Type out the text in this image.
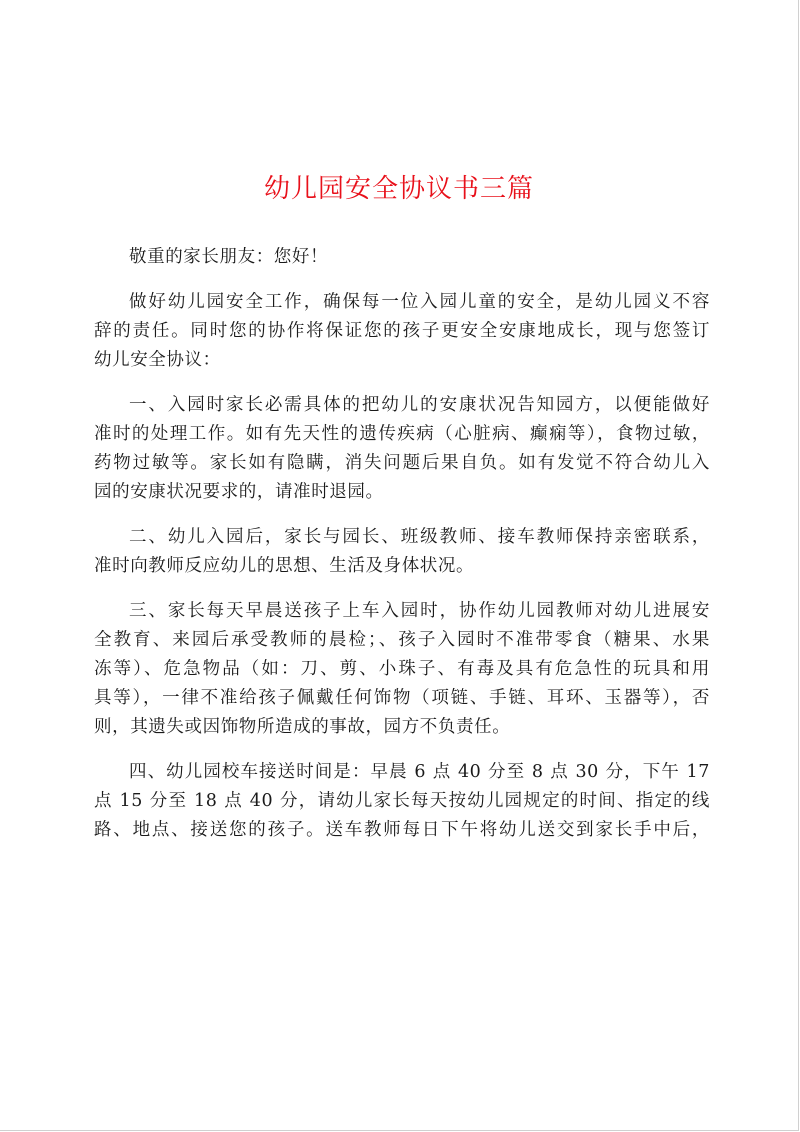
幼儿园安全协议书三篇

敬重的家长朋友：您好！

做好幼儿园安全工作，确保每一位入园儿童的安全，是幼儿园义不容
辞的责任。同时您的协作将保证您的孩子更安全安康地成长，现与您签订
幼儿安全协议：

一、入园时家长必需具体的把幼儿的安康状况告知园方，以便能做好
准时的处理工作。如有先天性的遗传疾病（心脏病、癫痫等），食物过敏，
药物过敏等。家长如有隐瞒，消失问题后果自负。如有发觉不符合幼儿入
园的安康状况要求的，请准时退园。

二、幼儿入园后，家长与园长、班级教师、接车教师保持亲密联系，
准时向教师反应幼儿的思想、生活及身体状况。

三、家长每天早晨送孩子上车入园时，协作幼儿园教师对幼儿进展安
全教育、来园后承受教师的晨检；、孩子入园时不准带零食（糖果、水果
冻等）、危急物品（如：刀、剪、小珠子、有毒及具有危急性的玩具和用
具等），一律不准给孩子佩戴任何饰物（项链、手链、耳环、玉器等），否
则，其遗失或因饰物所造成的事故，园方不负责任。

四、幼儿园校车接送时间是：早晨 6 点 40 分至 8 点 30 分，下午 17
点 15 分至 18 点 40 分，请幼儿家长每天按幼儿园规定的时间、指定的线
路、地点、接送您的孩子。送车教师每日下午将幼儿送交到家长手中后，
